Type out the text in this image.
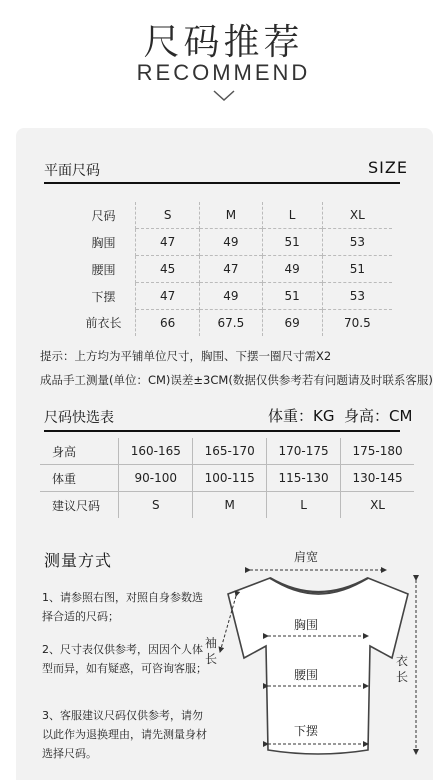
尺码推荐
RECOMMEND
平面尺码	SIZE
尺码	S	M	L	XL
胸围	47	49	51	53
腰围	45	47	49	51
下摆	47	49	51	53
前衣长	66	67.5	69	70.5
提示：上方均为平铺单位尺寸，胸围、下摆一圈尺寸需X2
成品手工测量(单位：CM)误差±3CM(数据仅供参考若有问题请及时联系客服)
尺码快选表	体重：KG  身高：CM
身高	160-165	165-170	170-175	175-180
体重	90-100	100-115	115-130	130-145
建议尺码	S	M	L	XL
测量方式
1、请参照右图，对照自身参数选择合适的尺码；
2、尺寸表仅供参考，因因个人体型而异，如有疑惑，可咨询客服；
3、客服建议尺码仅供参考，请勿以此作为退换理由，请先测量身材选择尺码。
肩宽
胸围
腰围
下摆
袖
长	衣
长
